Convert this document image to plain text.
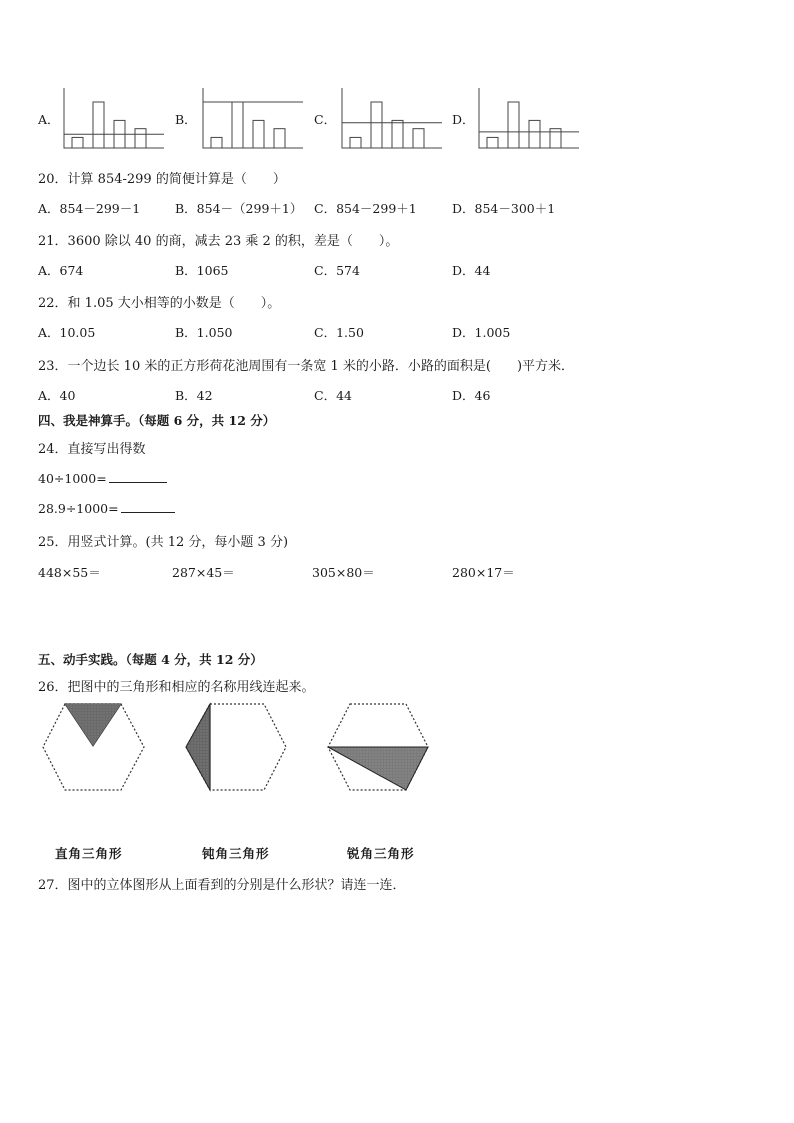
A．	B．	C．	D．
20．计算 854-299 的简便计算是（　　）
A．854－299－1	B．854－（299＋1） C．854－299＋1	D．854－300＋1
21．3600 除以 40 的商，减去 23 乘 2 的积，差是（　　）。
A．674	B．1065	C．574	D．44
22．和 1.05 大小相等的小数是（　　）。
A．10.05	B．1.050	C．1.50	D．1.005
23．一个边长 10 米的正方形荷花池周围有一条宽 1 米的小路．小路的面积是(　　)平方米．
A．40	B．42	C．44	D．46
四、我是神算手。（每题 6 分，共 12 分）
24．直接写出得数
40÷1000=
28.9÷1000=
25．用竖式计算。(共 12 分，每小题 3 分)
448×55＝	287×45＝	305×80＝	280×17＝
五、动手实践。（每题 4 分，共 12 分）
26．把图中的三角形和相应的名称用线连起来。
直角三角形	钝角三角形	锐角三角形
27．图中的立体图形从上面看到的分别是什么形状？请连一连．
